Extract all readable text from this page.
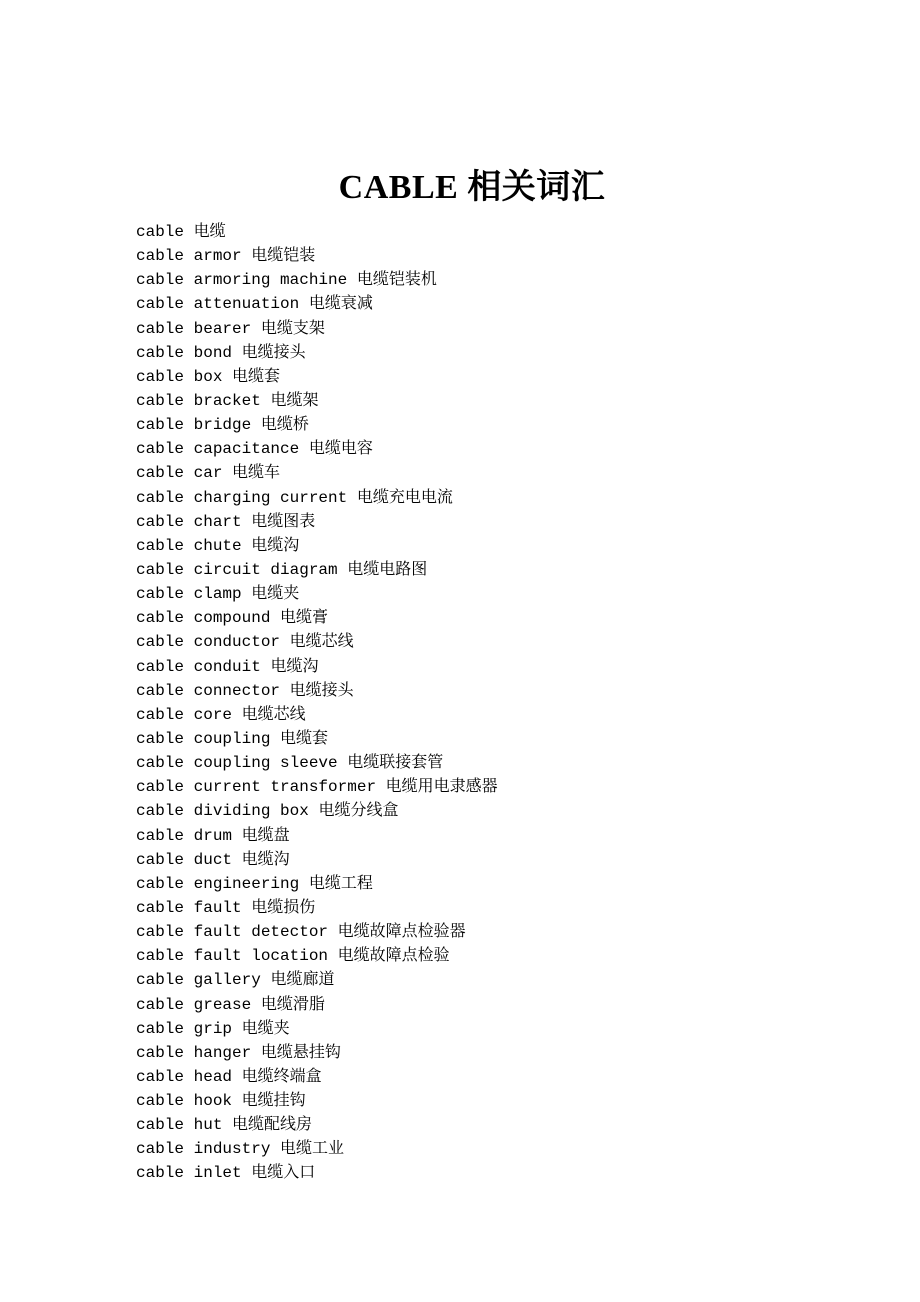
CABLE 相关词汇
cable 电缆
cable armor 电缆铠装
cable armoring machine 电缆铠装机
cable attenuation 电缆衰减
cable bearer 电缆支架
cable bond 电缆接头
cable box 电缆套
cable bracket 电缆架
cable bridge 电缆桥
cable capacitance 电缆电容
cable car 电缆车
cable charging current 电缆充电电流
cable chart 电缆图表
cable chute 电缆沟
cable circuit diagram 电缆电路图
cable clamp 电缆夹
cable compound 电缆膏
cable conductor 电缆芯线
cable conduit 电缆沟
cable connector 电缆接头
cable core 电缆芯线
cable coupling 电缆套
cable coupling sleeve 电缆联接套管
cable current transformer 电缆用电隶感器
cable dividing box 电缆分线盒
cable drum 电缆盘
cable duct 电缆沟
cable engineering 电缆工程
cable fault 电缆损伤
cable fault detector 电缆故障点检验器
cable fault location 电缆故障点检验
cable gallery 电缆廊道
cable grease 电缆滑脂
cable grip 电缆夹
cable hanger 电缆悬挂钩
cable head 电缆终端盒
cable hook 电缆挂钩
cable hut 电缆配线房
cable industry 电缆工业
cable inlet 电缆入口
